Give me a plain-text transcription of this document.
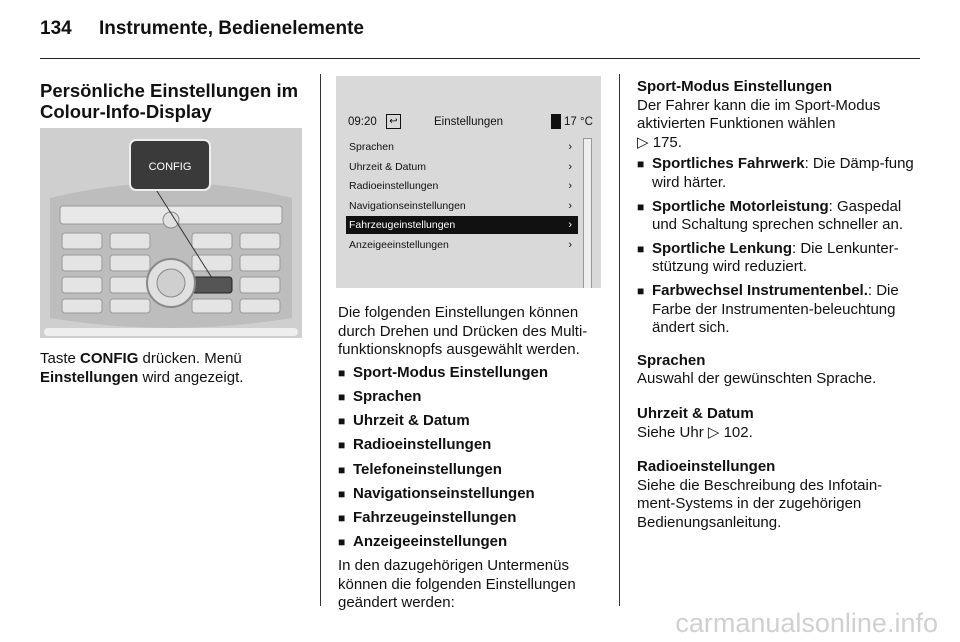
134 Instrumente, Bedienelemente
Persönliche Einstellungen im Colour-Info-Display
CONFIG

Taste CONFIG drücken. Menü
Einstellungen wird angezeigt.

09:20	↩	Einstellungen	17 °C
Sprachen	›
Uhrzeit & Datum	›
Radioeinstellungen	›
Navigationseinstellungen	›
Fahrzeugeinstellungen	›
Anzeigeeinstellungen	›

Die folgenden Einstellungen können durch Drehen und Drücken des Multi-funktionsknopfs ausgewählt werden.

■ Sport-Modus Einstellungen

■ Sprachen

■ Uhrzeit & Datum

■ Radioeinstellungen

■ Telefoneinstellungen

■ Navigationseinstellungen

■ Fahrzeugeinstellungen

■ Anzeigeeinstellungen

In den dazugehörigen Untermenüs können die folgenden Einstellungen geändert werden:

Sport-Modus Einstellungen

Der Fahrer kann die im Sport-Modus aktivierten Funktionen wählen
▷ 175.

■ Sportliches Fahrwerk: Die Dämp-fung wird härter.

■ Sportliche Motorleistung: Gaspedal und Schaltung sprechen schneller an.

■ Sportliche Lenkung: Die Lenkunter-stützung wird reduziert.

■ Farbwechsel Instrumentenbel.: Die Farbe der Instrumenten-beleuchtung ändert sich.

Sprachen

Auswahl der gewünschten Sprache.

Uhrzeit & Datum

Siehe Uhr ▷ 102.

Radioeinstellungen

Siehe die Beschreibung des Infotain-ment-Systems in der zugehörigen Bedienungsanleitung.

carmanualsonline.info
